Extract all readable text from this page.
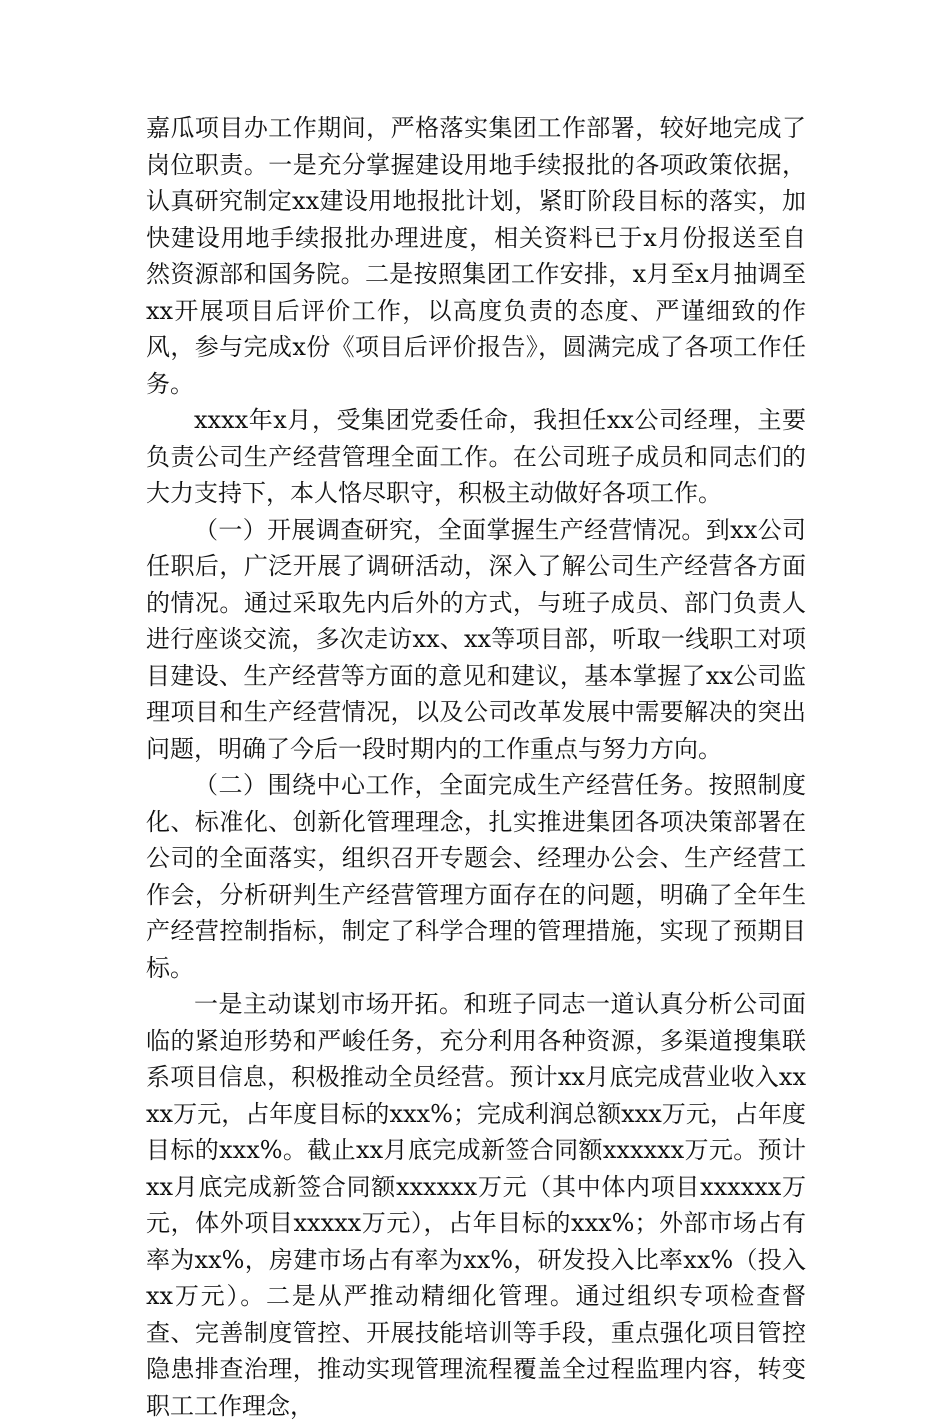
嘉瓜项目办工作期间，严格落实集团工作部署，较好地完成了岗位职责。一是充分掌握建设用地手续报批的各项政策依据，认真研究制定xx建设用地报批计划，紧盯阶段目标的落实，加快建设用地手续报批办理进度，相关资料已于x月份报送至自然资源部和国务院。二是按照集团工作安排，x月至x月抽调至xx开展项目后评价工作，以高度负责的态度、严谨细致的作风，参与完成x份《项目后评价报告》，圆满完成了各项工作任务。

xxxx年x月，受集团党委任命，我担任xx公司经理，主要负责公司生产经营管理全面工作。在公司班子成员和同志们的大力支持下，本人恪尽职守，积极主动做好各项工作。

（一）开展调查研究，全面掌握生产经营情况。到xx公司任职后，广泛开展了调研活动，深入了解公司生产经营各方面的情况。通过采取先内后外的方式，与班子成员、部门负责人进行座谈交流，多次走访xx、xx等项目部，听取一线职工对项目建设、生产经营等方面的意见和建议，基本掌握了xx公司监理项目和生产经营情况，以及公司改革发展中需要解决的突出问题，明确了今后一段时期内的工作重点与努力方向。

（二）围绕中心工作，全面完成生产经营任务。按照制度化、标准化、创新化管理理念，扎实推进集团各项决策部署在公司的全面落实，组织召开专题会、经理办公会、生产经营工作会，分析研判生产经营管理方面存在的问题，明确了全年生产经营控制指标，制定了科学合理的管理措施，实现了预期目标。

一是主动谋划市场开拓。和班子同志一道认真分析公司面临的紧迫形势和严峻任务，充分利用各种资源，多渠道搜集联系项目信息，积极推动全员经营。预计xx月底完成营业收入xxxx万元，占年度目标的xxx%；完成利润总额xxx万元，占年度目标的xxx%。截止xx月底完成新签合同额xxxxxx万元。预计xx月底完成新签合同额xxxxxx万元（其中体内项目xxxxxx万元，体外项目xxxxx万元），占年目标的xxx%；外部市场占有率为xx%，房建市场占有率为xx%，研发投入比率xx%（投入xx万元）。二是从严推动精细化管理。通过组织专项检查督查、完善制度管控、开展技能培训等手段，重点强化项目管控隐患排查治理，推动实现管理流程覆盖全过程监理内容，转变职工工作理念，
